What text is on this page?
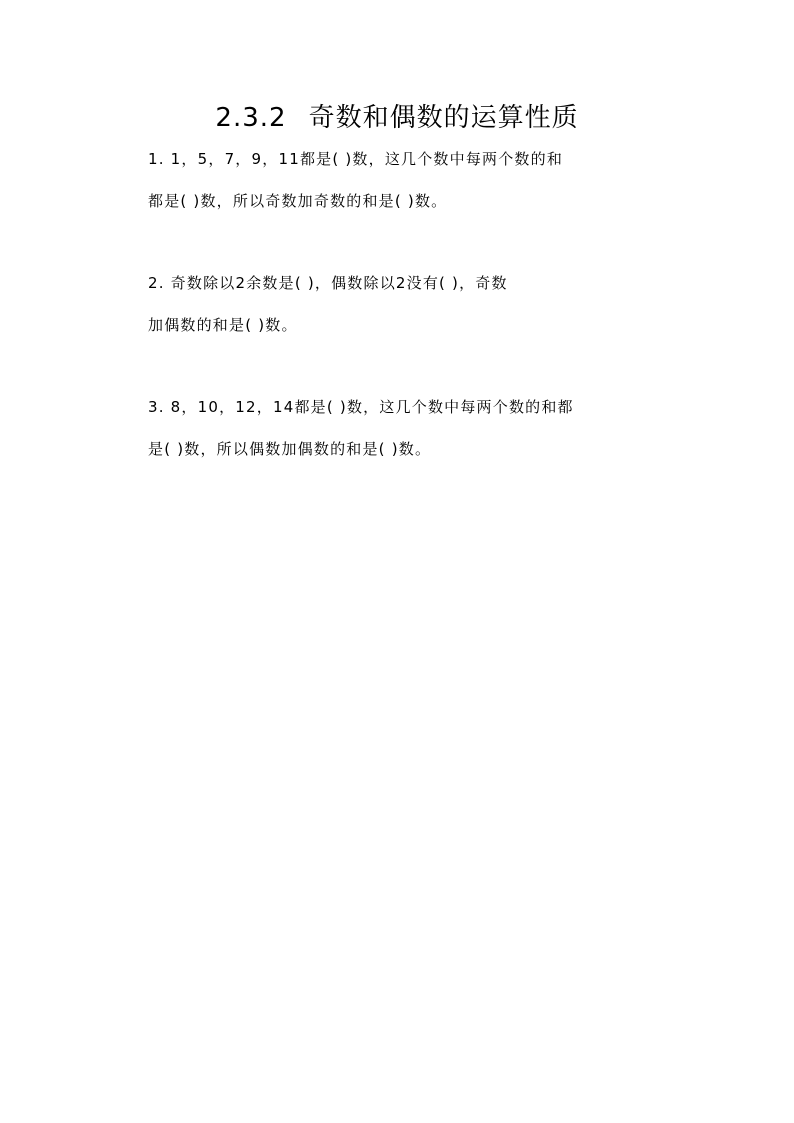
2.3.2 奇数和偶数的运算性质
1. 1，5，7，9，11都是( )数，这几个数中每两个数的和
都是( )数，所以奇数加奇数的和是( )数。
2. 奇数除以2余数是( )，偶数除以2没有( )，奇数
加偶数的和是( )数。
3. 8，10，12，14都是( )数，这几个数中每两个数的和都
是( )数，所以偶数加偶数的和是( )数。
